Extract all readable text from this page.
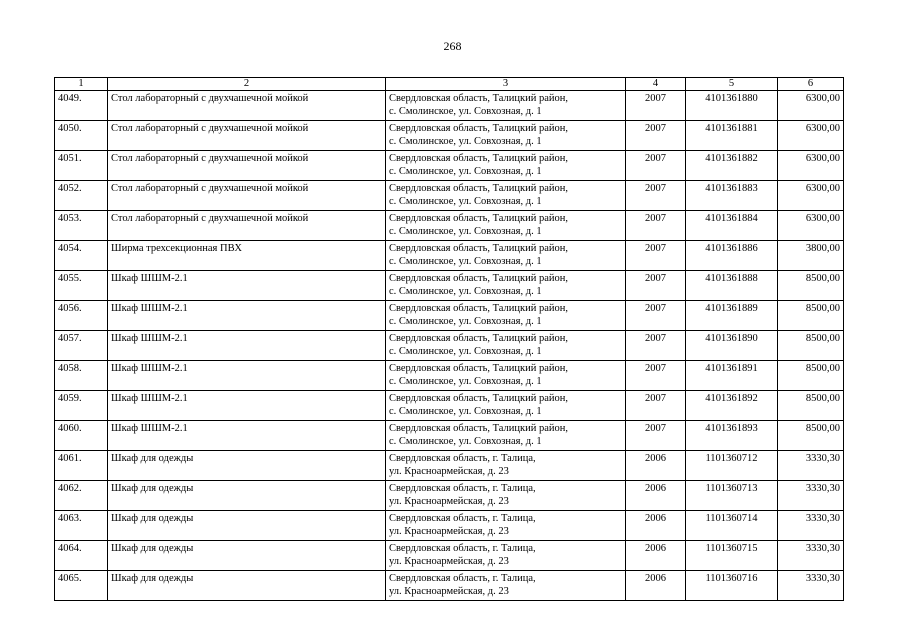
268
1	2	3	4	5	6
4049.	Стол лабораторный с двухчашечной мойкой	Свердловская область, Талицкий район,
с. Смолинское, ул. Совхозная, д. 1	2007	4101361880	6300,00
4050.	Стол лабораторный с двухчашечной мойкой	Свердловская область, Талицкий район,
с. Смолинское, ул. Совхозная, д. 1	2007	4101361881	6300,00
4051.	Стол лабораторный с двухчашечной мойкой	Свердловская область, Талицкий район,
с. Смолинское, ул. Совхозная, д. 1	2007	4101361882	6300,00
4052.	Стол лабораторный с двухчашечной мойкой	Свердловская область, Талицкий район,
с. Смолинское, ул. Совхозная, д. 1	2007	4101361883	6300,00
4053.	Стол лабораторный с двухчашечной мойкой	Свердловская область, Талицкий район,
с. Смолинское, ул. Совхозная, д. 1	2007	4101361884	6300,00
4054.	Ширма трехсекционная ПВХ	Свердловская область, Талицкий район,
с. Смолинское, ул. Совхозная, д. 1	2007	4101361886	3800,00
4055.	Шкаф ШШМ-2.1	Свердловская область, Талицкий район,
с. Смолинское, ул. Совхозная, д. 1	2007	4101361888	8500,00
4056.	Шкаф ШШМ-2.1	Свердловская область, Талицкий район,
с. Смолинское, ул. Совхозная, д. 1	2007	4101361889	8500,00
4057.	Шкаф ШШМ-2.1	Свердловская область, Талицкий район,
с. Смолинское, ул. Совхозная, д. 1	2007	4101361890	8500,00
4058.	Шкаф ШШМ-2.1	Свердловская область, Талицкий район,
с. Смолинское, ул. Совхозная, д. 1	2007	4101361891	8500,00
4059.	Шкаф ШШМ-2.1	Свердловская область, Талицкий район,
с. Смолинское, ул. Совхозная, д. 1	2007	4101361892	8500,00
4060.	Шкаф ШШМ-2.1	Свердловская область, Талицкий район,
с. Смолинское, ул. Совхозная, д. 1	2007	4101361893	8500,00
4061.	Шкаф для одежды	Свердловская область, г. Талица,
ул. Красноармейская, д. 23	2006	1101360712	3330,30
4062.	Шкаф для одежды	Свердловская область, г. Талица,
ул. Красноармейская, д. 23	2006	1101360713	3330,30
4063.	Шкаф для одежды	Свердловская область, г. Талица,
ул. Красноармейская, д. 23	2006	1101360714	3330,30
4064.	Шкаф для одежды	Свердловская область, г. Талица,
ул. Красноармейская, д. 23	2006	1101360715	3330,30
4065.	Шкаф для одежды	Свердловская область, г. Талица,
ул. Красноармейская, д. 23	2006	1101360716	3330,30
